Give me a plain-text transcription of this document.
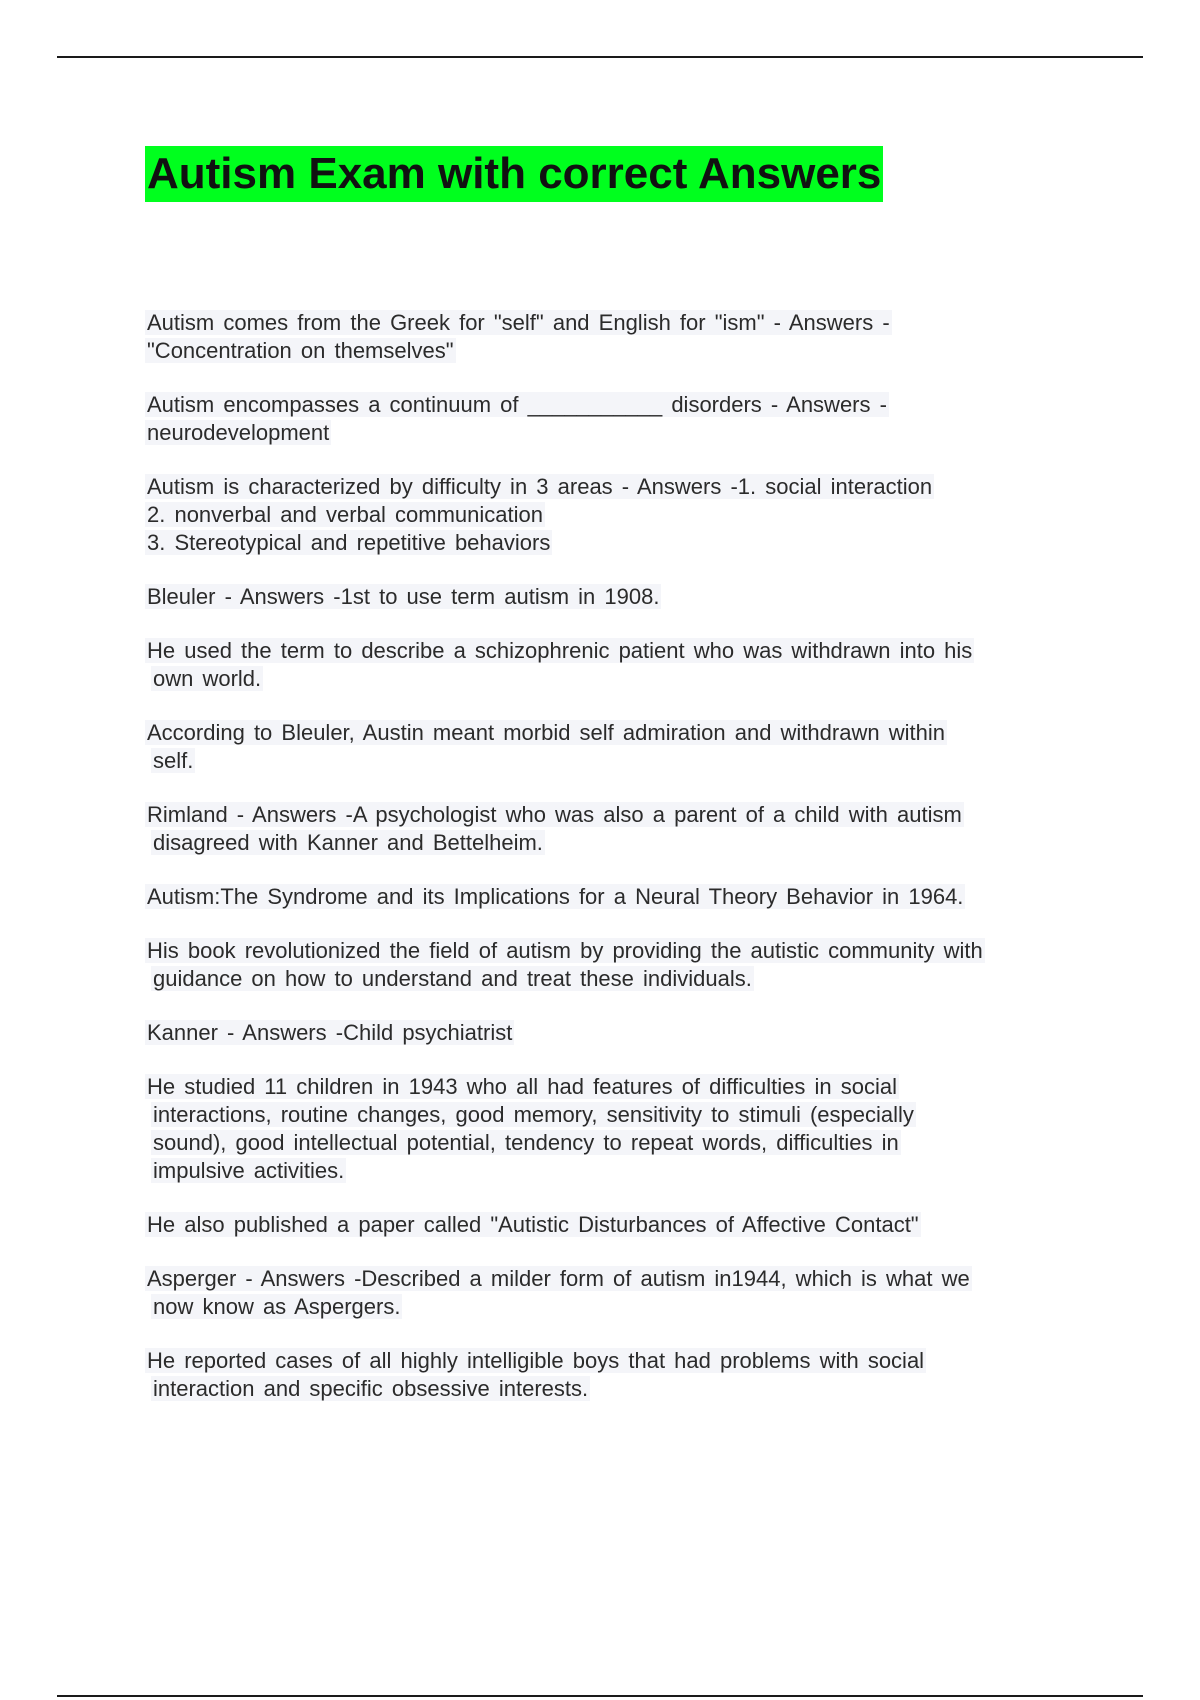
Autism Exam with correct Answers

Autism comes from the Greek for "self" and English for "ism" - Answers -
"Concentration on themselves"

Autism encompasses a continuum of ___________ disorders - Answers -
neurodevelopment

Autism is characterized by difficulty in 3 areas - Answers -1. social interaction
2. nonverbal and verbal communication
3. Stereotypical and repetitive behaviors

Bleuler - Answers -1st to use term autism in 1908.

He used the term to describe a schizophrenic patient who was withdrawn into his
own world.

According to Bleuler, Austin meant morbid self admiration and withdrawn within
self.

Rimland - Answers -A psychologist who was also a parent of a child with autism
disagreed with Kanner and Bettelheim.

Autism:The Syndrome and its Implications for a Neural Theory Behavior in 1964.

His book revolutionized the field of autism by providing the autistic community with
guidance on how to understand and treat these individuals.

Kanner - Answers -Child psychiatrist

He studied 11 children in 1943 who all had features of difficulties in social
interactions, routine changes, good memory, sensitivity to stimuli (especially
sound), good intellectual potential, tendency to repeat words, difficulties in
impulsive activities.

He also published a paper called "Autistic Disturbances of Affective Contact"

Asperger - Answers -Described a milder form of autism in1944, which is what we
now know as Aspergers.

He reported cases of all highly intelligible boys that had problems with social
interaction and specific obsessive interests.
